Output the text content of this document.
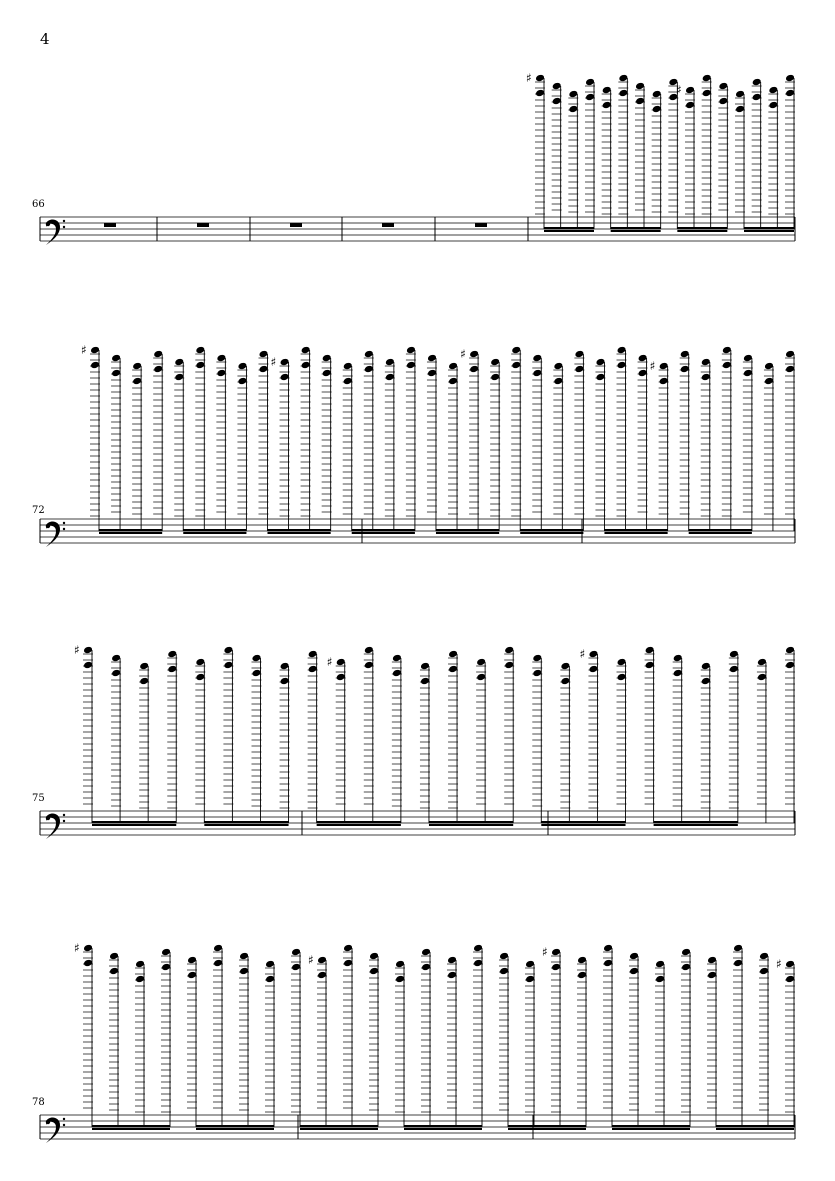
4
66
72
75
78
♯
♯
♯
♯
♯
♯
♯
♯
♯
♯
♯
♯
♯
